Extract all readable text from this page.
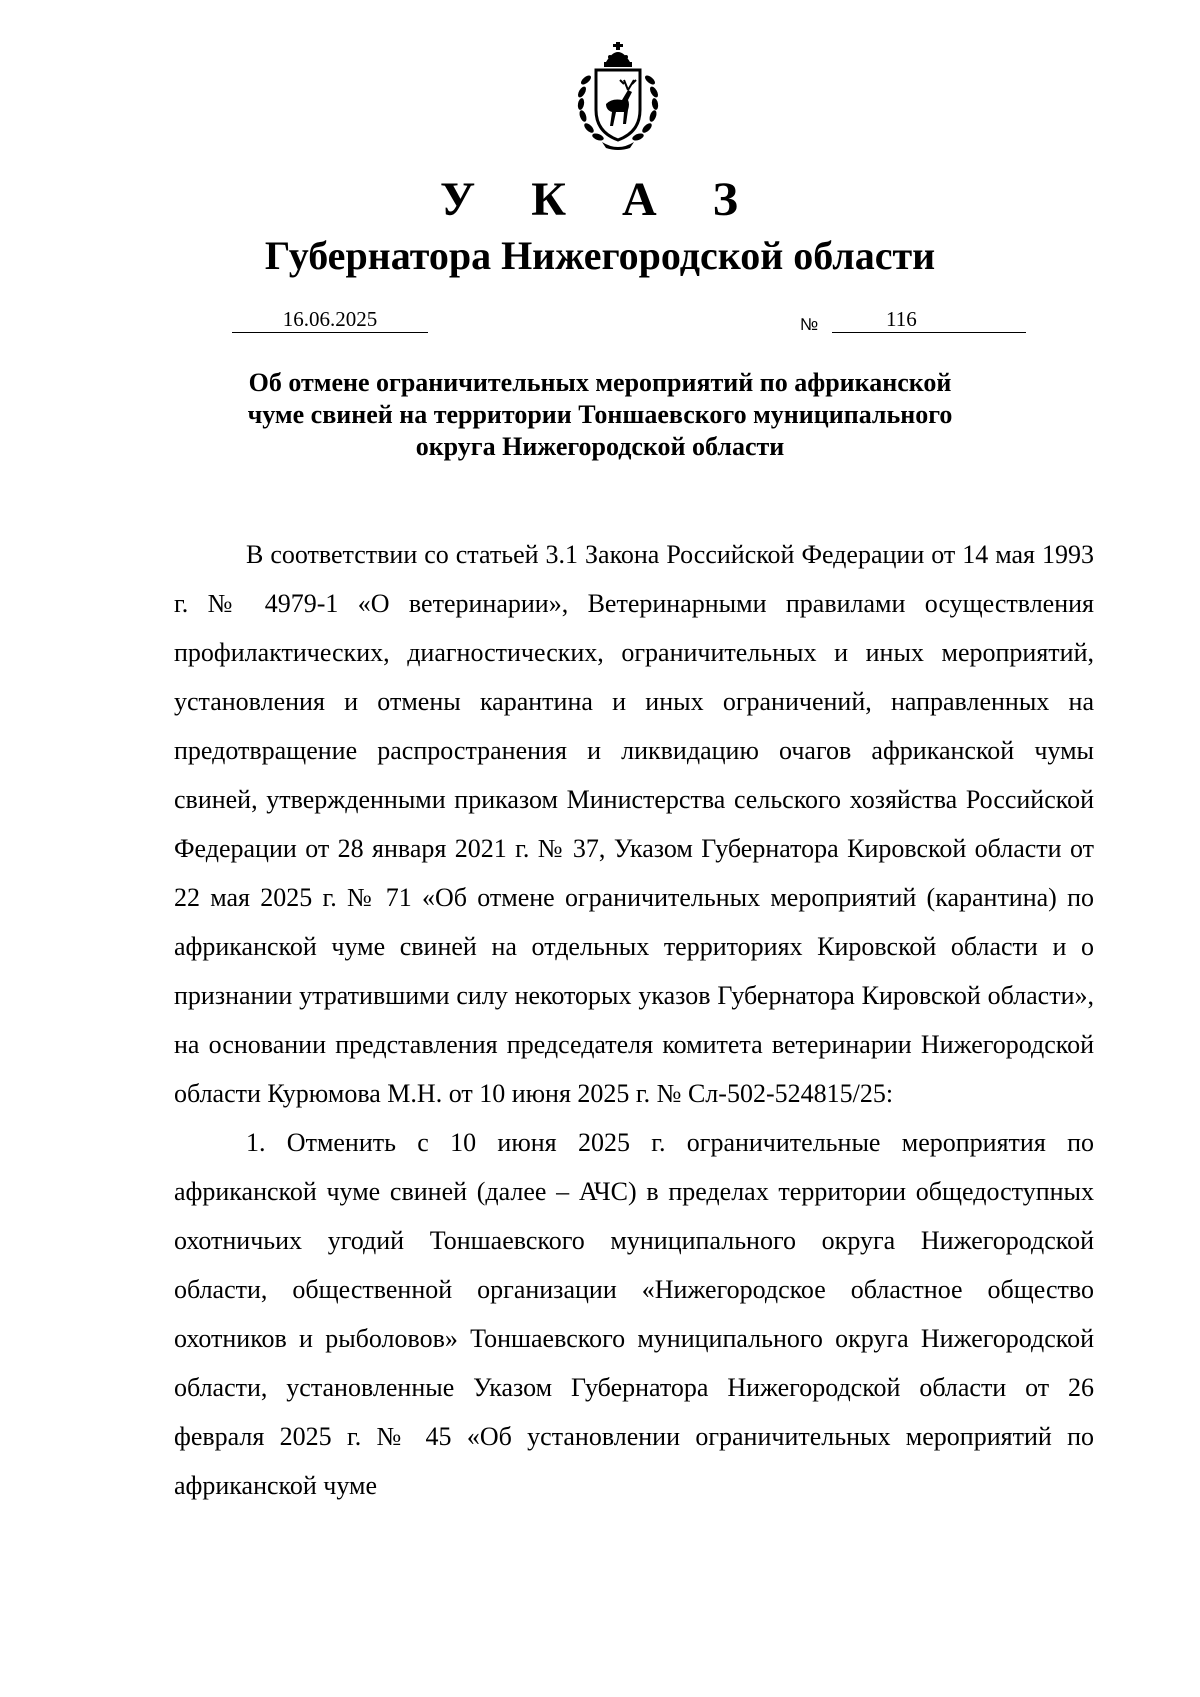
У К А З
Губернатора Нижегородской области
16.06.2025	№	116
Об отмене ограничительных мероприятий по африканской
чуме свиней на территории Тоншаевского муниципального
округа Нижегородской области

В соответствии со статьей 3.1 Закона Российской Федерации от 14 мая 1993 г. № 4979-1 «О ветеринарии», Ветеринарными правилами осуществления профилактических, диагностических, ограничительных и иных мероприятий, установления и отмены карантина и иных ограничений, направленных на предотвращение распространения и ликвидацию очагов африканской чумы свиней, утвержденными приказом Министерства сельского хозяйства Российской Федерации от 28 января 2021 г. № 37, Указом Губернатора Кировской области от 22 мая 2025 г. № 71 «Об отмене ограничительных мероприятий (карантина) по африканской чуме свиней на отдельных территориях Кировской области и о признании утратившими силу некоторых указов Губернатора Кировской области», на основании представления председателя комитета ветеринарии Нижегородской области Курюмова М.Н. от 10 июня 2025 г. № Сл-502-524815/25:

1. Отменить с 10 июня 2025 г. ограничительные мероприятия по африканской чуме свиней (далее – АЧС) в пределах территории общедоступных охотничьих угодий Тоншаевского муниципального округа Нижегородской области, общественной организации «Нижегородское областное общество охотников и рыболовов» Тоншаевского муниципального округа Нижегородской области, установленные Указом Губернатора Нижегородской области от 26 февраля 2025 г. № 45 «Об установлении ограничительных мероприятий по африканской чуме
